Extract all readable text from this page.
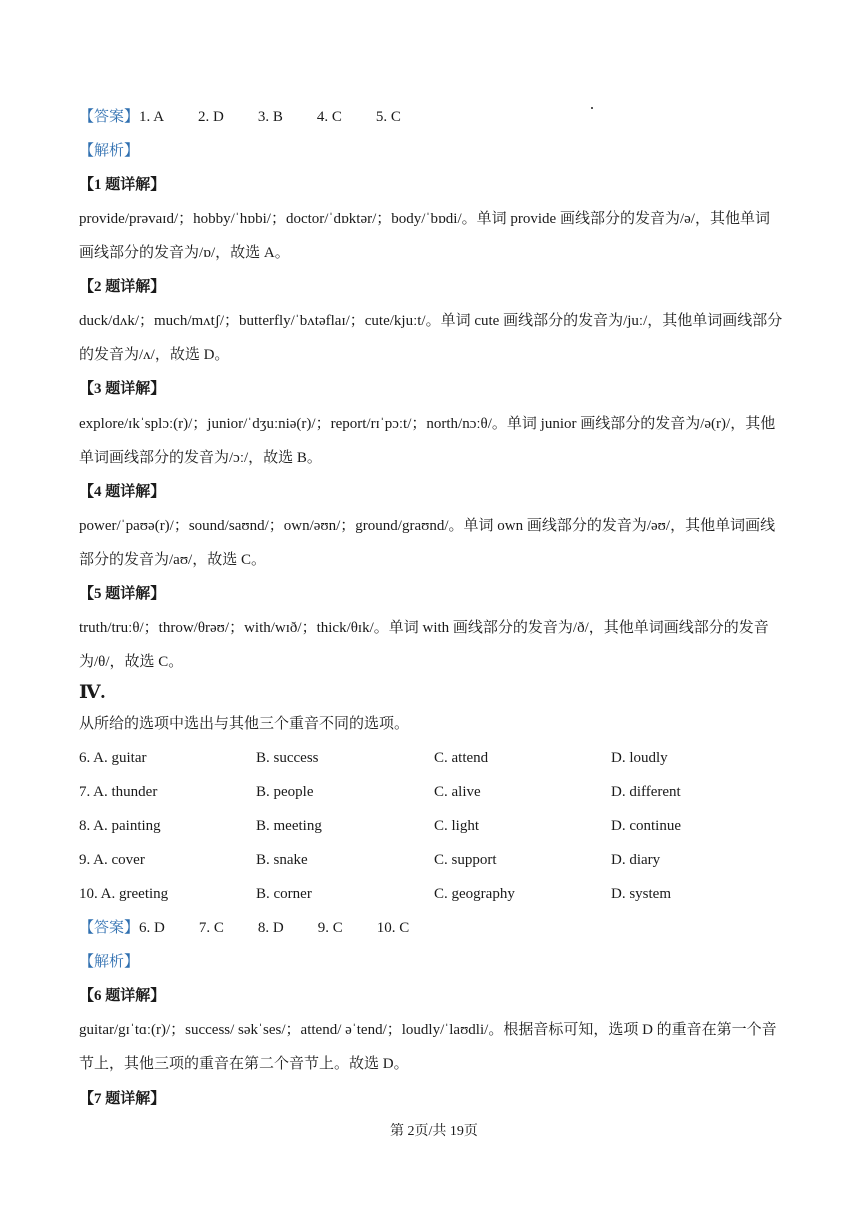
【答案】1. A 2. D 3. B 4. C 5. C
【解析】
【1 题详解】
provide/prəvaɪd/；hobby/ˈhɒbi/；doctor/ˈdɒktər/；body/ˈbɒdi/。单词 provide 画线部分的发音为/ə/，其他单词
画线部分的发音为/ɒ/，故选 A。
【2 题详解】
duck/dʌk/；much/mʌtʃ/；butterfly/ˈbʌtəflaɪ/；cute/kjuːt/。单词 cute 画线部分的发音为/juː/，其他单词画线部分
的发音为/ʌ/，故选 D。
【3 题详解】
explore/ɪkˈsplɔː(r)/；junior/ˈdʒuːniə(r)/；report/rɪˈpɔːt/；north/nɔːθ/。单词 junior 画线部分的发音为/ə(r)/，其他
单词画线部分的发音为/ɔː/，故选 B。
【4 题详解】
power/ˈpaʊə(r)/；sound/saʊnd/；own/əʊn/；ground/graʊnd/。单词 own 画线部分的发音为/əʊ/，其他单词画线
部分的发音为/aʊ/，故选 C。
【5 题详解】
truth/truːθ/；throw/θrəʊ/；with/wɪð/；thick/θɪk/。单词 with 画线部分的发音为/ð/，其他单词画线部分的发音
为/θ/，故选 C。
Ⅳ.
从所给的选项中选出与其他三个重音不同的选项。
6. A. guitar	B. success	C. attend	D. loudly
7. A. thunder	B. people	C. alive	D. different
8. A. painting	B. meeting	C. light	D. continue
9. A. cover	B. snake	C. support	D. diary
10. A. greeting	B. corner	C. geography	D. system
【答案】6. D 7. C 8. D 9. C 10. C
【解析】
【6 题详解】
guitar/gɪˈtɑː(r)/；success/ səkˈses/；attend/ əˈtend/；loudly/ˈlaʊdli/。根据音标可知，选项 D 的重音在第一个音
节上，其他三项的重音在第二个音节上。故选 D。
【7 题详解】
第 2页/共 19页
